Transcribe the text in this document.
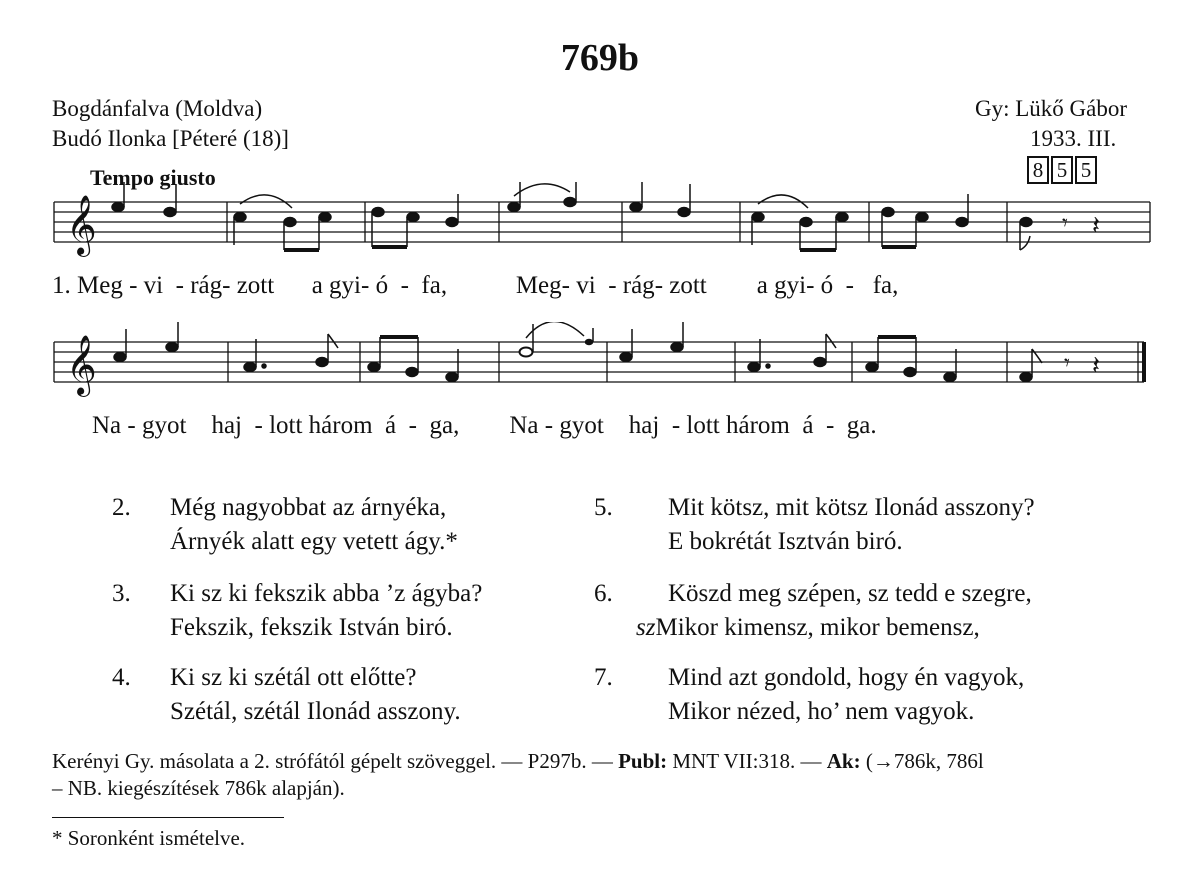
769b
Bogdánfalva (Moldva)
Budó Ilonka [Péteré (18)]
Gy: Lükő Gábor
1933. III.
8 5 5
Tempo giusto
𝄞	𝄾 𝄽
1. Meg - vi - rág- zott a gyi- ó - fa,	Meg- vi - rág- zott a gyi- ó - fa,
𝄞	𝄾 𝄽
Na - gyot haj - lott három á - ga, Na - gyot haj - lott három á - ga.
2. Még nagyobbat az árnyéka,
Árnyék alatt egy vetett ágy.*
3. Ki sz ki fekszik abba ’z ágyba?
Fekszik, fekszik István biró.
4. Ki sz ki szétál ott előtte?
Szétál, szétál Ilonád asszony.
5. Mit kötsz, mit kötsz Ilonád asszony?
E bokrétát Isztván biró.
6. Köszd meg szépen, sz tedd e szegre,
szMikor kimensz, mikor bemensz,
7. Mind azt gondold, hogy én vagyok,
Mikor nézed, ho’ nem vagyok.
Kerényi Gy. másolata a 2. strófától gépelt szöveggel. — P297b. — Publ: MNT VII:318. — Ak: (→786k, 786l
– NB. kiegészítések 786k alapján).
* Soronként ismételve.
